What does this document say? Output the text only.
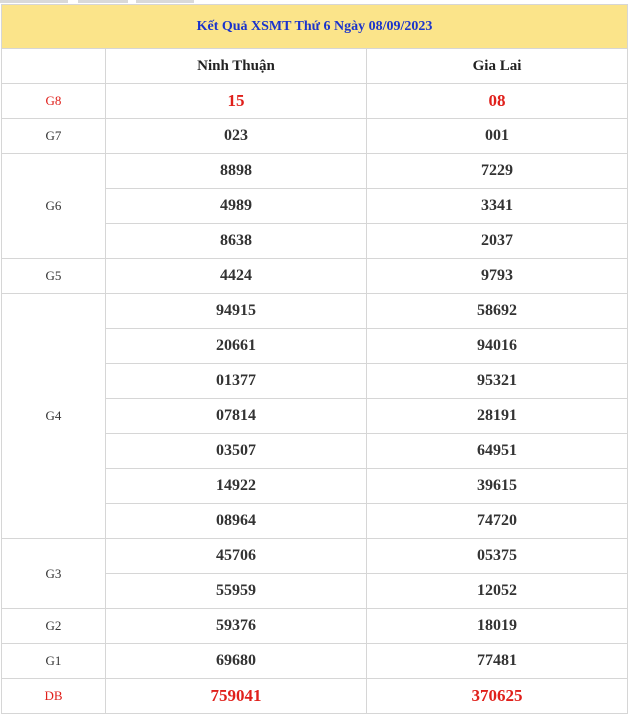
Kết Quả XSMT Thứ 6 Ngày 08/09/2023		
	Ninh Thuận	Gia Lai
G8	15	08
G7	023	001
G6	8898	7229
	4989	3341
	8638	2037
G5	4424	9793
G4	94915	58692
	20661	94016
	01377	95321
	07814	28191
	03507	64951
	14922	39615
	08964	74720
G3	45706	05375
	55959	12052
G2	59376	18019
G1	69680	77481
DB	759041	370625
